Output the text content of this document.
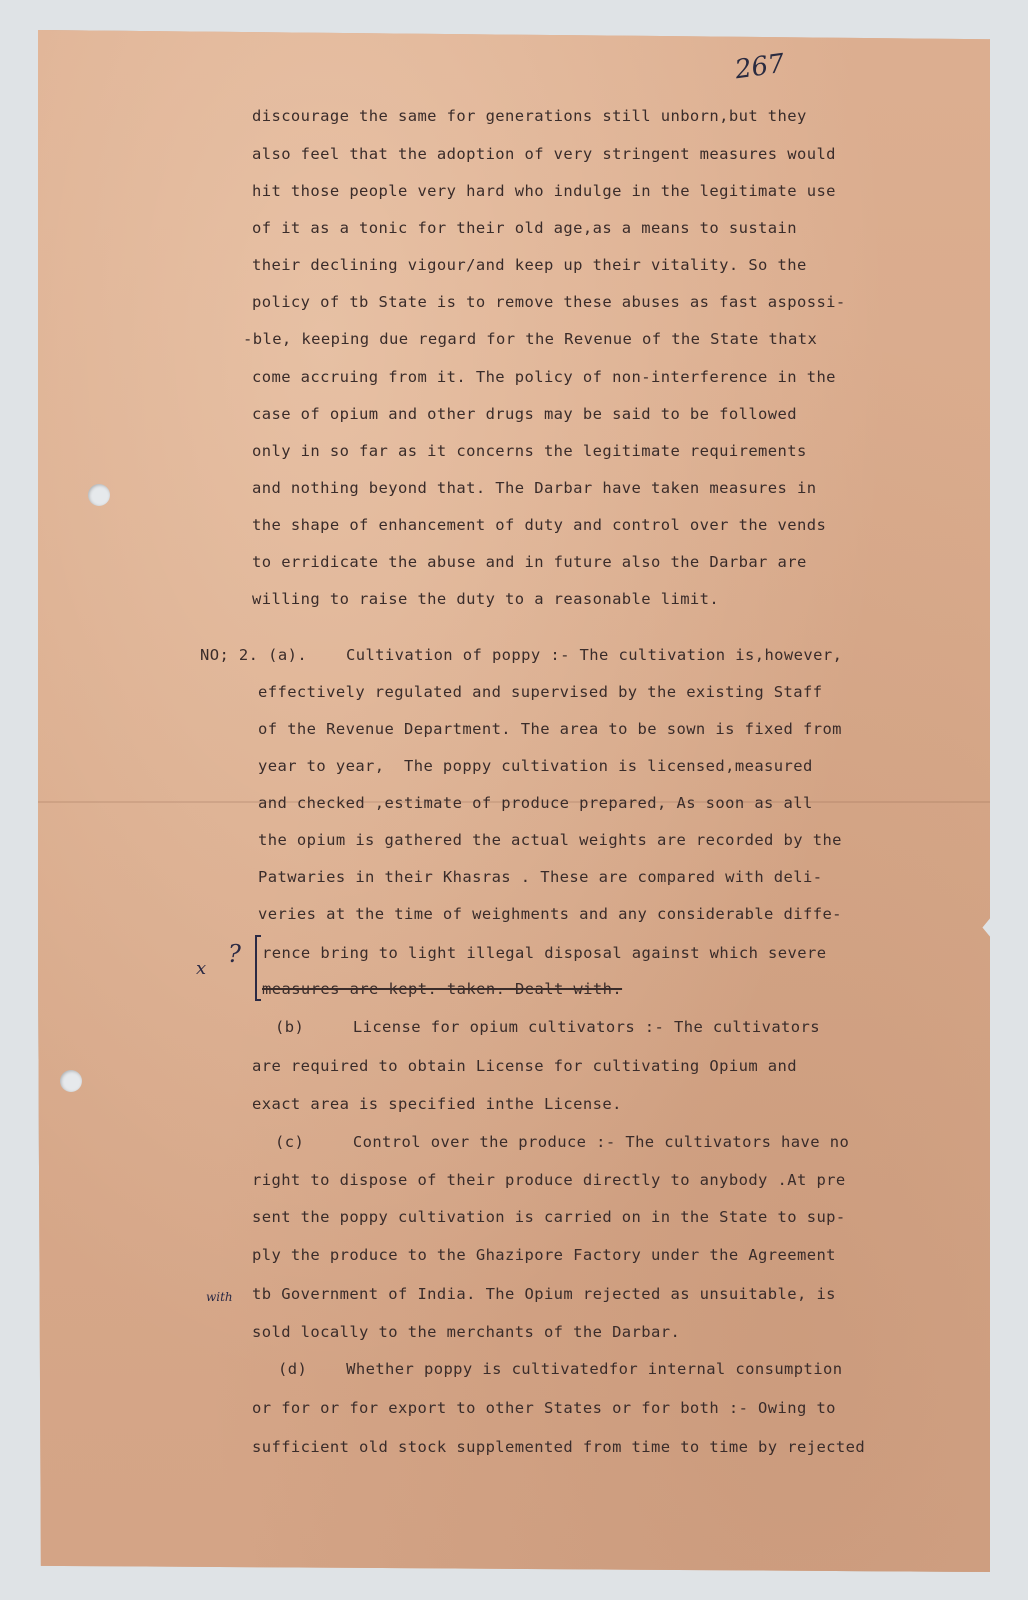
267
discourage the same for generations still unborn,but they
also feel that the adoption of very stringent measures would
hit those people very hard who indulge in the legitimate use
of it as a tonic for their old age,as a means to sustain
their declining vigour/and keep up their vitality. So the
policy of tb State is to remove these abuses as fast aspossi-
-ble, keeping due regard for the Revenue of the State thatx
come accruing from it. The policy of non-interference in the
case of opium and other drugs may be said to be followed
only in so far as it concerns the legitimate requirements
and nothing beyond that. The Darbar have taken measures in
the shape of enhancement of duty and control over the vends
to erridicate the abuse and in future also the Darbar are
willing to raise the duty to a reasonable limit.
NO; 2. (a).    Cultivation of poppy :- The cultivation is,however,
effectively regulated and supervised by the existing Staff
of the Revenue Department. The area to be sown is fixed from
year to year,  The poppy cultivation is licensed,measured
and checked ,estimate of produce prepared, As soon as all
the opium is gathered the actual weights are recorded by the
Patwaries in their Khasras . These are compared with deli-
veries at the time of weighments and any considerable diffe-
rence bring to light illegal disposal against which severe
measures are kept. taken. Dealt with.
x
?
(b)     License for opium cultivators :- The cultivators
are required to obtain License for cultivating Opium and
exact area is specified inthe License.
(c)     Control over the produce :- The cultivators have no
right to dispose of their produce directly to anybody .At pre
sent the poppy cultivation is carried on in the State to sup-
ply the produce to the Ghazipore Factory under the Agreement
tb Government of India. The Opium rejected as unsuitable, is
sold locally to the merchants of the Darbar.
with
(d)    Whether poppy is cultivatedfor internal consumption
or for or for export to other States or for both :- Owing to
sufficient old stock supplemented from time to time by rejected
